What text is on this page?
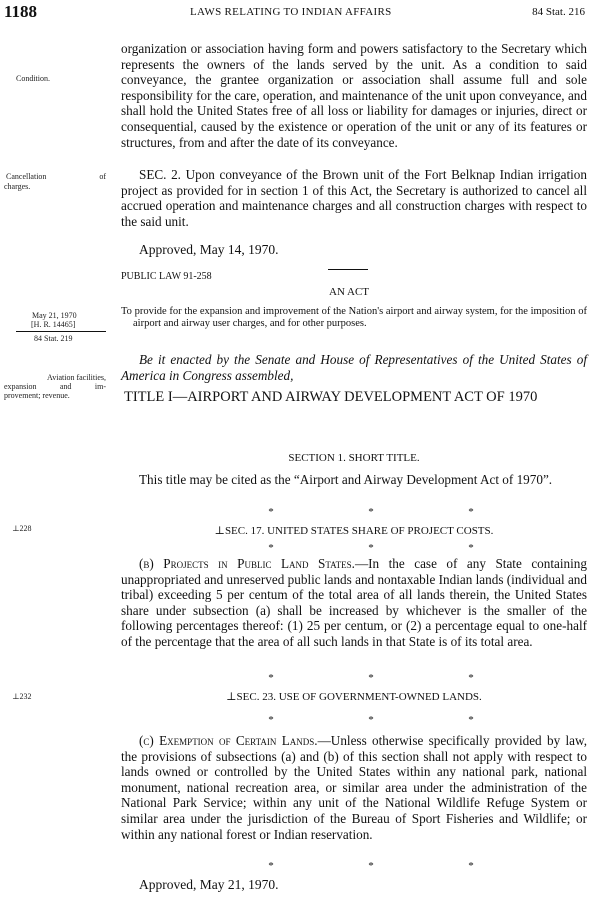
1188	LAWS RELATING TO INDIAN AFFAIRS	84 Stat. 216
Condition.
Cancellation	of
charges.
May 21, 1970
[H. R. 14465]
84 Stat. 219
Aviation facilities,
expansion	and	im-
provement; revenue.
⊥228
⊥232

organization or association having form and powers satisfactory to the Secretary which represents the owners of the lands served by the unit. As a condition to said conveyance, the grantee organization or association shall assume full and sole responsibility for the care, operation, and maintenance of the unit upon conveyance, and shall hold the United States free of all loss or liability for damages or injuries, direct or consequential, caused by the existence or operation of the unit or any of its features or structures, from and after the date of its conveyance.

SEC. 2. Upon conveyance of the Brown unit of the Fort Belknap Indian irrigation project as provided for in section 1 of this Act, the Secretary is authorized to cancel all accrued operation and maintenance charges and all construction charges with respect to the said unit.

Approved, May 14, 1970.

PUBLIC LAW 91-258
AN ACT

To provide for the expansion and improvement of the Nation's airport and airway system, for the imposition of airport and airway user charges, and for other purposes.

Be it enacted by the Senate and House of Representatives of the United States of America in Congress assembled,

TITLE I—AIRPORT AND AIRWAY DEVELOPMENT ACT OF 1970
SECTION 1. SHORT TITLE.

This title may be cited as the “Airport and Airway Development Act of 1970”.

*	*	*
⊥SEC. 17. UNITED STATES SHARE OF PROJECT COSTS.
*	*	*

(b) Projects in Public Land States.—In the case of any State containing unappropriated and unreserved public lands and nontaxable Indian lands (individual and tribal) exceeding 5 per centum of the total area of all lands therein, the United States share under subsection (a) shall be increased by whichever is the smaller of the following percentages thereof: (1) 25 per centum, or (2) a percentage equal to one-half of the percentage that the area of all such lands in that State is of its total area.

*	*	*
⊥SEC. 23. USE OF GOVERNMENT-OWNED LANDS.
*	*	*

(c) Exemption of Certain Lands.—Unless otherwise specifically provided by law, the provisions of subsections (a) and (b) of this section shall not apply with respect to lands owned or controlled by the United States within any national park, national monument, national recreation area, or similar area under the administration of the National Park Service; within any unit of the National Wildlife Refuge System or similar area under the jurisdiction of the Bureau of Sport Fisheries and Wildlife; or within any national forest or Indian reservation.

*	*	*

Approved, May 21, 1970.
